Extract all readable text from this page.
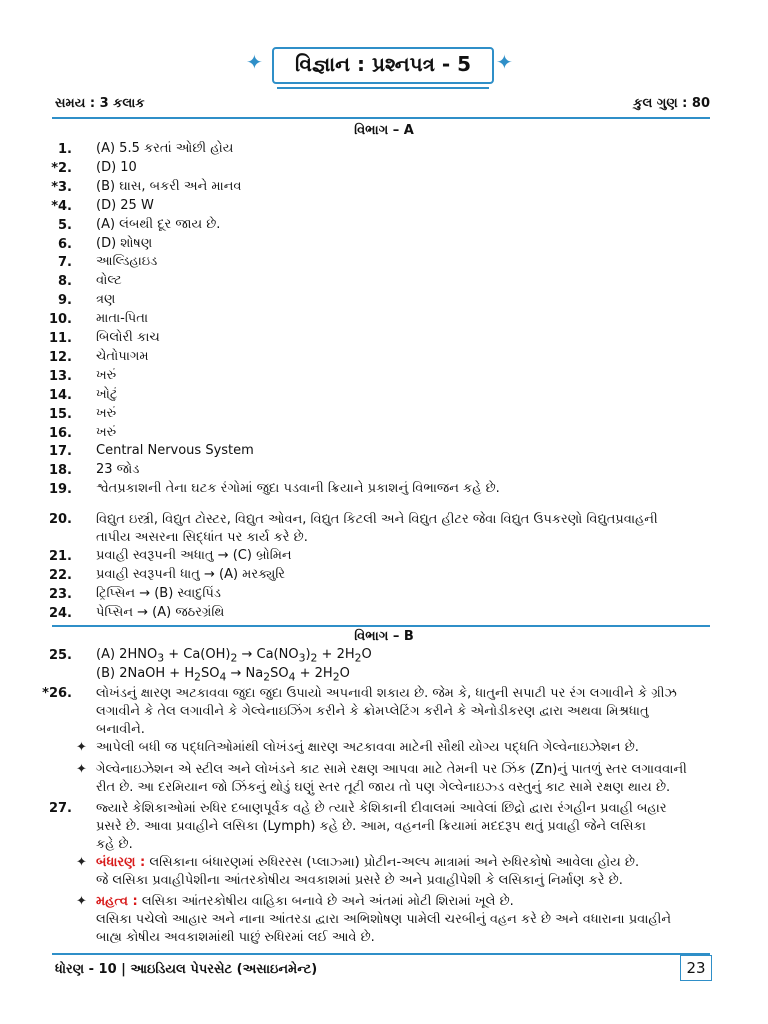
✦	વિજ્ઞાન : પ્રશ્નપત્ર - 5	✦
સમય : 3 કલાક	કુલ ગુણ : 80
વિભાગ – A
1. (A) 5.5 કરતાં ઓછી હોય
*2. (D) 10
*3. (B) ઘાસ, બકરી અને માનવ
*4. (D) 25 W
5. (A) લંબથી દૂર જાય છે.
6. (D) શોષણ
7. આલ્ડિહાઇડ
8. વોલ્ટ
9. ત્રણ
10. માતા-પિતા
11. બિલોરી કાચ
12. ચેતોપાગમ
13. ખરું
14. ખોટું
15. ખરું
16. ખરું
17. Central Nervous System
18. 23 જોડ
19. શ્વેતપ્રકાશની તેના ઘટક રંગોમાં જુદા પડવાની ક્રિયાને પ્રકાશનું વિભાજન કહે છે.
20. વિદ્યુત ઇસ્ત્રી, વિદ્યુત ટોસ્ટર, વિદ્યુત ઓવન, વિદ્યુત કિટલી અને વિદ્યુત હીટર જેવા વિદ્યુત ઉપકરણો વિદ્યુતપ્રવાહની
તાપીય અસરના સિદ્ધાંત પર કાર્ય કરે છે.
21. પ્રવાહી સ્વરૂપની અધાતુ → (C) બ્રોમિન
22. પ્રવાહી સ્વરૂપની ધાતુ → (A) મરક્યુરિ
23. ટ્રિપ્સિન → (B) સ્વાદુપિંડ
24. પેપ્સિન → (A) જઠરગ્રંથિ
વિભાગ – B
25. (A) $2HNO_3 + Ca(OH)_2 \to Ca(NO_3)_2 + 2H_2O$
(B) 2NaOH + $H_2SO_4 \to Na_2SO_4 + 2H_2O$
*26. લોખંડનું ક્ષારણ અટકાવવા જુદા જુદા ઉપાયો અપનાવી શકાય છે. જેમ કે, ધાતુની સપાટી પર રંગ લગાવીને કે ગ્રીઝ
લગાવીને કે તેલ લગાવીને કે ગેલ્વેનાઇઝિંગ કરીને કે ક્રોમપ્લેટિંગ કરીને કે એનોડીકરણ દ્વારા અથવા મિશ્રધાતુ
બનાવીને.
✦ આપેલી બધી જ પદ્ધતિઓમાંથી લોખંડનું ક્ષારણ અટકાવવા માટેની સૌથી યોગ્ય પદ્ધતિ ગેલ્વેનાઇઝેશન છે.
✦ ગેલ્વેનાઇઝેશન એ સ્ટીલ અને લોખંડને કાટ સામે રક્ષણ આપવા માટે તેમની પર ઝિંક (Zn)નું પાતળું સ્તર લગાવવાની
રીત છે. આ દરમિયાન જો ઝિંકનું થોડું ઘણું સ્તર તૂટી જાય તો પણ ગેલ્વેનાઇઝ્ડ વસ્તુનું કાટ સામે રક્ષણ થાય છે.
27. જ્યારે કેશિકાઓમાં રુધિર દબાણપૂર્વક વહે છે ત્યારે કેશિકાની દીવાલમાં આવેલાં છિદ્રો દ્વારા રંગહીન પ્રવાહી બહાર
પ્રસરે છે. આવા પ્રવાહીને લસિકા (Lymph) કહે છે. આમ, વહનની ક્રિયામાં મદદરૂપ થતું પ્રવાહી જેને લસિકા
કહે છે.
✦ બંધારણ : લસિકાના બંધારણમાં રુધિરરસ (પ્લાઝ્મા) પ્રોટીન-અલ્પ માત્રામાં અને રુધિરકોષો આવેલા હોય છે.
જે લસિકા પ્રવાહીપેશીના આંતરકોષીય અવકાશમાં પ્રસરે છે અને પ્રવાહીપેશી કે લસિકાનું નિર્માણ કરે છે.
✦ મહત્વ : લસિકા આંતરકોષીય વાહિકા બનાવે છે અને અંતમાં મોટી શિરામાં ખૂલે છે.
લસિકા પચેલો આહાર અને નાના આંતરડા દ્વારા અભિશોષણ પામેલી ચરબીનું વહન કરે છે અને વધારાના પ્રવાહીને
બાહ્ય કોષીય અવકાશમાંથી પાછું રુધિરમાં લઈ આવે છે.
ધોરણ - 10 | આઇડિયલ પેપરસેટ (અસાઇનમેન્ટ)	23
